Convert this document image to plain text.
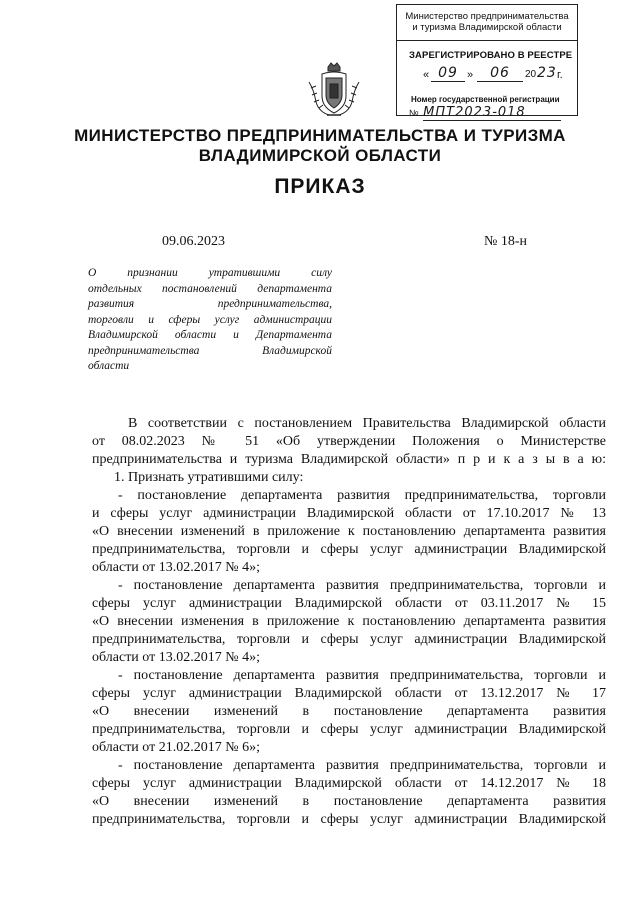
Министерство предпринимательства
и туризма Владимирской области
ЗАРЕГИСТРИРОВАНО В РЕЕСТРЕ
« 09 »	06	20 23 г.
Номер государственной регистрации
№ МПТ2023-018
МИНИСТЕРСТВО ПРЕДПРИНИМАТЕЛЬСТВА И ТУРИЗМА
ВЛАДИМИРСКОЙ ОБЛАСТИ
ПРИКАЗ
09.06.2023	№ 18-н
О признании утратившими силу
отдельных постановлений департамента
развития предпринимательства,
торговли и сферы услуг администрации
Владимирской области и Департамента
предпринимательства Владимирской
области
В соответствии с постановлением Правительства Владимирской области
от 08.02.2023 № 51 «Об утверждении Положения о Министерстве
предпринимательства и туризма Владимирской области» п р и к а з ы в а ю:
1. Признать утратившими силу:
- постановление департамента развития предпринимательства, торговли
и сферы услуг администрации Владимирской области от 17.10.2017 № 13
«О внесении изменений в приложение к постановлению департамента развития
предпринимательства, торговли и сферы услуг администрации Владимирской
области от 13.02.2017 № 4»;
- постановление департамента развития предпринимательства, торговли и
сферы услуг администрации Владимирской области от 03.11.2017 № 15
«О внесении изменения в приложение к постановлению департамента развития
предпринимательства, торговли и сферы услуг администрации Владимирской
области от 13.02.2017 № 4»;
- постановление департамента развития предпринимательства, торговли и
сферы услуг администрации Владимирской области от 13.12.2017 № 17
«О внесении изменений в постановление департамента развития
предпринимательства, торговли и сферы услуг администрации Владимирской
области от 21.02.2017 № 6»;
- постановление департамента развития предпринимательства, торговли и
сферы услуг администрации Владимирской области от 14.12.2017 № 18
«О внесении изменений в постановление департамента развития
предпринимательства, торговли и сферы услуг администрации Владимирской
